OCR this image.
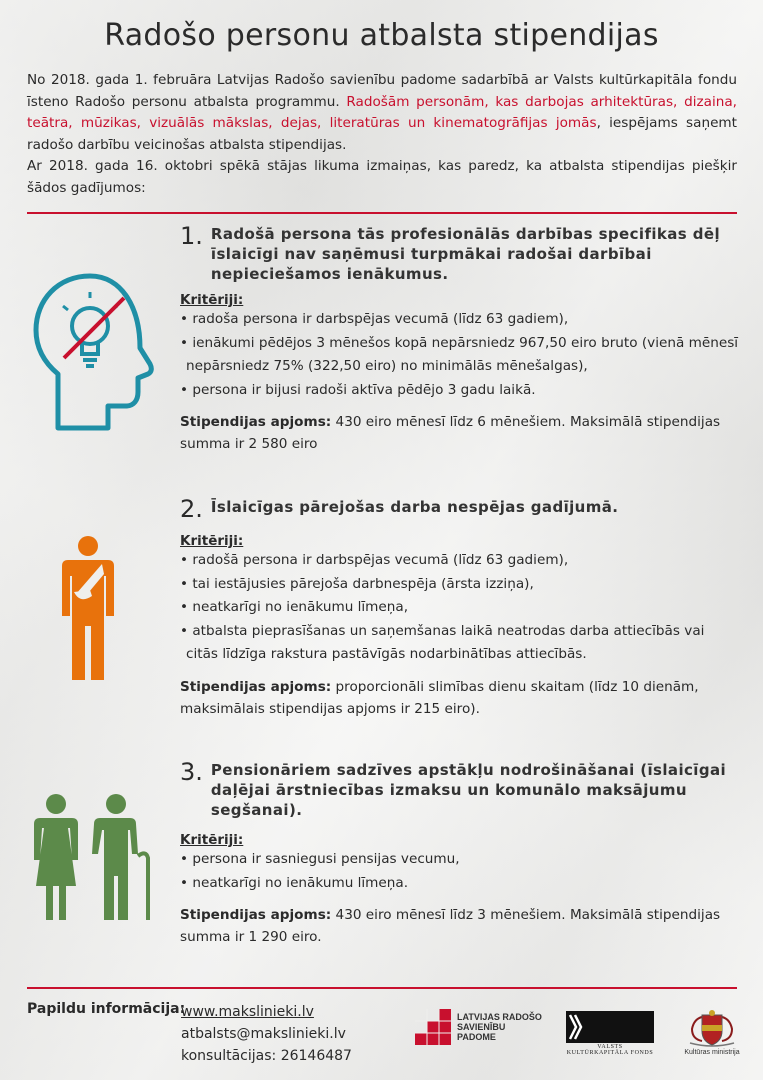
Radošo personu atbalsta stipendijas

No 2018. gada 1. februāra Latvijas Radošo savienību padome sadarbībā ar Valsts kultūrkapitāla fondu īsteno Radošo personu atbalsta programmu. Radošām personām, kas darbojas arhitektūras, dizaina, teātra, mūzikas, vizuālās mākslas, dejas, literatūras un kinematogrāfijas jomās, iespējams saņemt radošo darbību veicinošas atbalsta stipendijas.

Ar 2018. gada 16. oktobri spēkā stājas likuma izmaiņas, kas paredz, ka atbalsta stipendijas piešķir šādos gadījumos:

1. Radošā persona tās profesionālās darbības specifikas dēļ īslaicīgi nav saņēmusi turpmākai radošai darbībai nepieciešamos ienākumus.
Kritēriji:
• radoša persona ir darbspējas vecumā (līdz 63 gadiem),
• ienākumi pēdējos 3 mēnešos kopā nepārsniedz 967,50 eiro bruto (vienā mēnesī nepārsniedz 75% (322,50 eiro) no minimālās mēnešalgas),
• persona ir bijusi radoši aktīva pēdējo 3 gadu laikā.
Stipendijas apjoms: 430 eiro mēnesī līdz 6 mēnešiem. Maksimālā stipendijas summa ir 2 580 eiro
2. Īslaicīgas pārejošas darba nespējas gadījumā.
Kritēriji:
• radošā persona ir darbspējas vecumā (līdz 63 gadiem),
• tai iestājusies pārejoša darbnespēja (ārsta izziņa),
• neatkarīgi no ienākumu līmeņa,
• atbalsta pieprasīšanas un saņemšanas laikā neatrodas darba attiecībās vai citās līdzīga rakstura pastāvīgās nodarbinātības attiecībās.
Stipendijas apjoms: proporcionāli slimības dienu skaitam (līdz 10 dienām, maksimālais stipendijas apjoms ir 215 eiro).
3. Pensionāriem sadzīves apstākļu nodrošināšanai (īslaicīgai daļējai ārstniecības izmaksu un komunālo maksājumu segšanai).
Kritēriji:
• persona ir sasniegusi pensijas vecumu,
• neatkarīgi no ienākumu līmeņa.
Stipendijas apjoms: 430 eiro mēnesī līdz 3 mēnešiem. Maksimālā stipendijas summa ir 1 290 eiro.
Papildu informācija:
www.makslinieki.lv
atbalsts@makslinieki.lv
konsultācijas: 26146487
LATVIJAS RADOŠO
SAVIENĪBU
PADOME
VALSTS
KULTŪRKAPITĀLA FONDS	Kultūras ministrija
